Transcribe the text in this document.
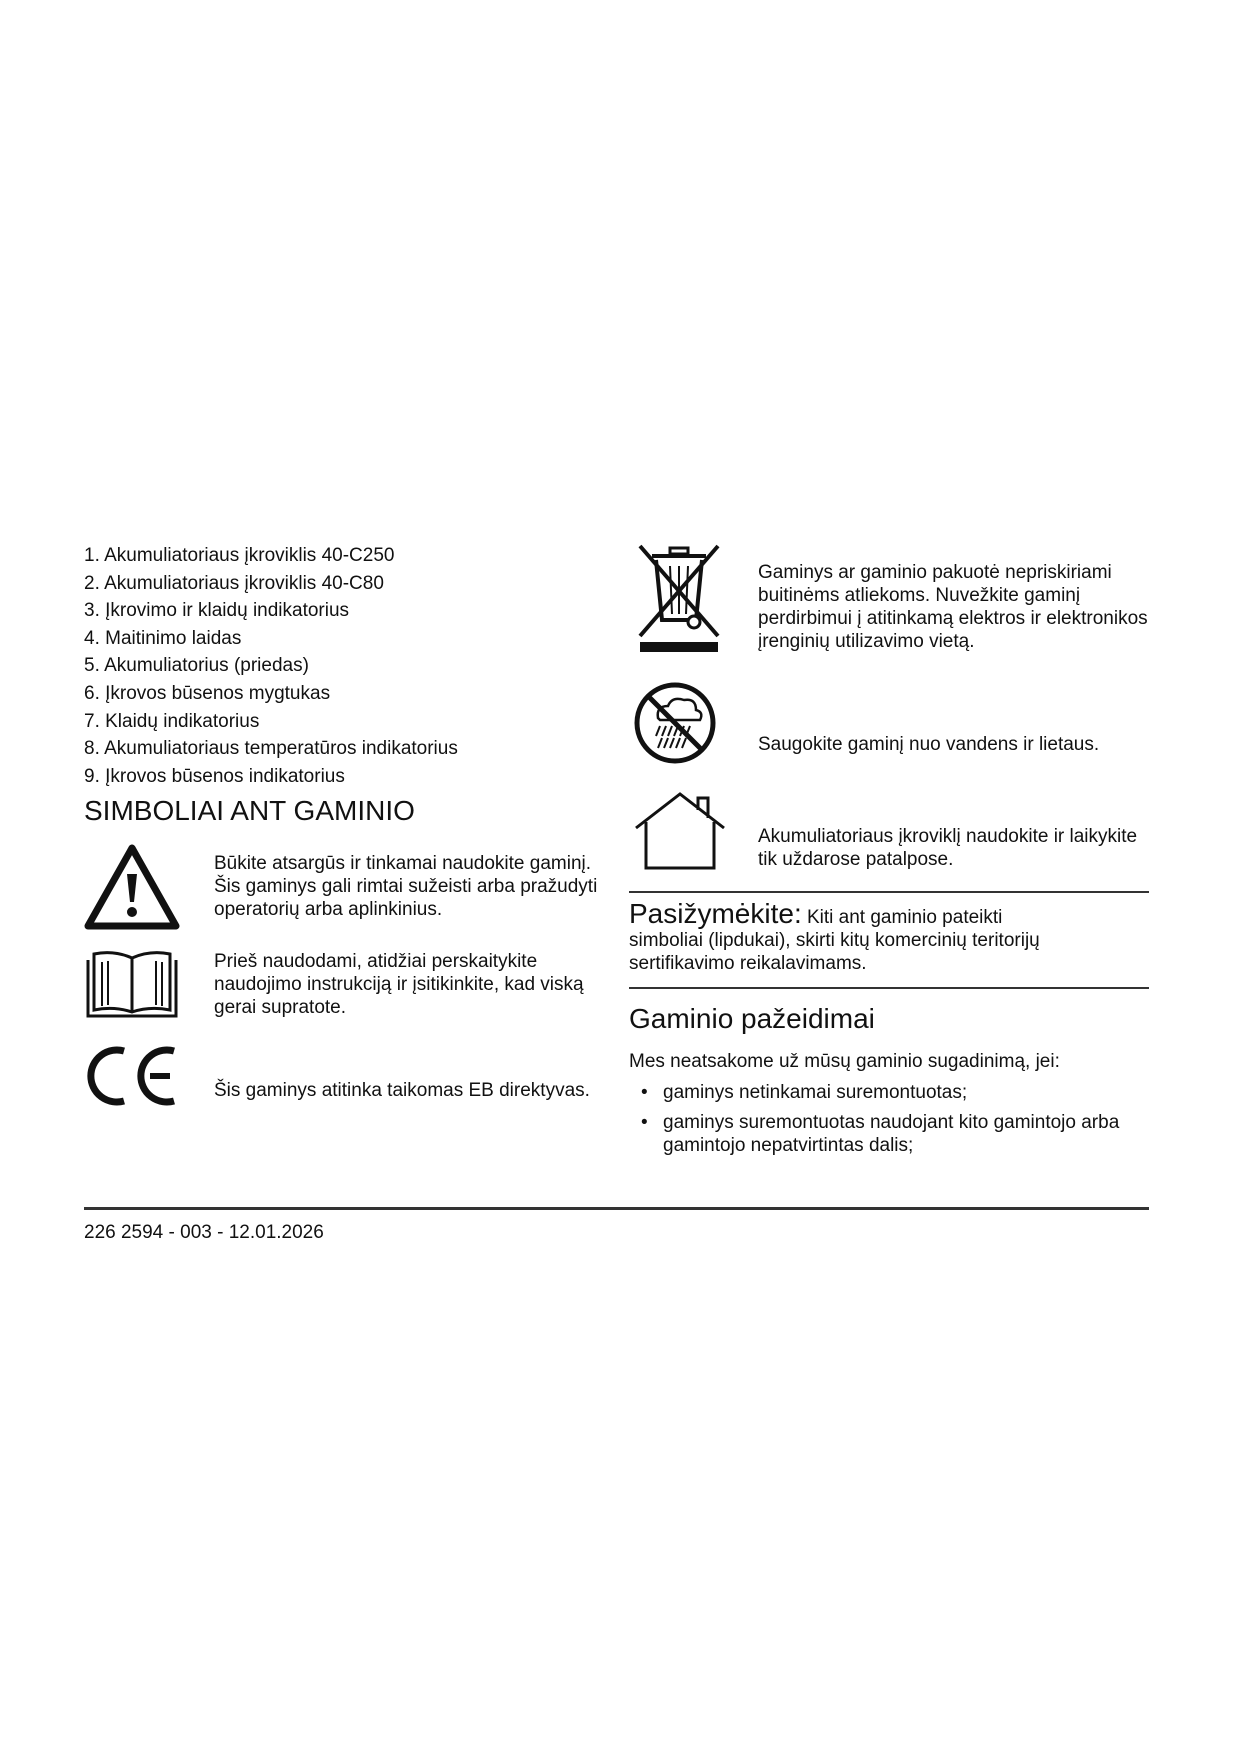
1. Akumuliatoriaus įkroviklis 40-C250
2. Akumuliatoriaus įkroviklis 40-C80
3. Įkrovimo ir klaidų indikatorius
4. Maitinimo laidas
5. Akumuliatorius (priedas)
6. Įkrovos būsenos mygtukas
7. Klaidų indikatorius
8. Akumuliatoriaus temperatūros indikatorius
9. Įkrovos būsenos indikatorius
SIMBOLIAI ANT GAMINIO
Būkite atsargūs ir tinkamai naudokite gaminį. Šis gaminys gali rimtai sužeisti arba pražudyti operatorių arba aplinkinius.
Prieš naudodami, atidžiai perskaitykite naudojimo instrukciją ir įsitikinkite, kad viską gerai supratote.
Šis gaminys atitinka taikomas EB direktyvas.
Gaminys ar gaminio pakuotė nepriskiriami buitinėms atliekoms. Nuvežkite gaminį perdirbimui į atitinkamą elektros ir elektronikos įrenginių utilizavimo vietą.
Saugokite gaminį nuo vandens ir lietaus.
Akumuliatoriaus įkroviklį naudokite ir laikykite tik uždarose patalpose.
Pasižymėkite: Kiti ant gaminio pateikti simboliai (lipdukai), skirti kitų komercinių teritorijų sertifikavimo reikalavimams.
Gaminio pažeidimai
Mes neatsakome už mūsų gaminio sugadinimą, jei:
• gaminys netinkamai suremontuotas;
• gaminys suremontuotas naudojant kito gamintojo arba gamintojo nepatvirtintas dalis;
226 2594 - 003 - 12.01.2026
